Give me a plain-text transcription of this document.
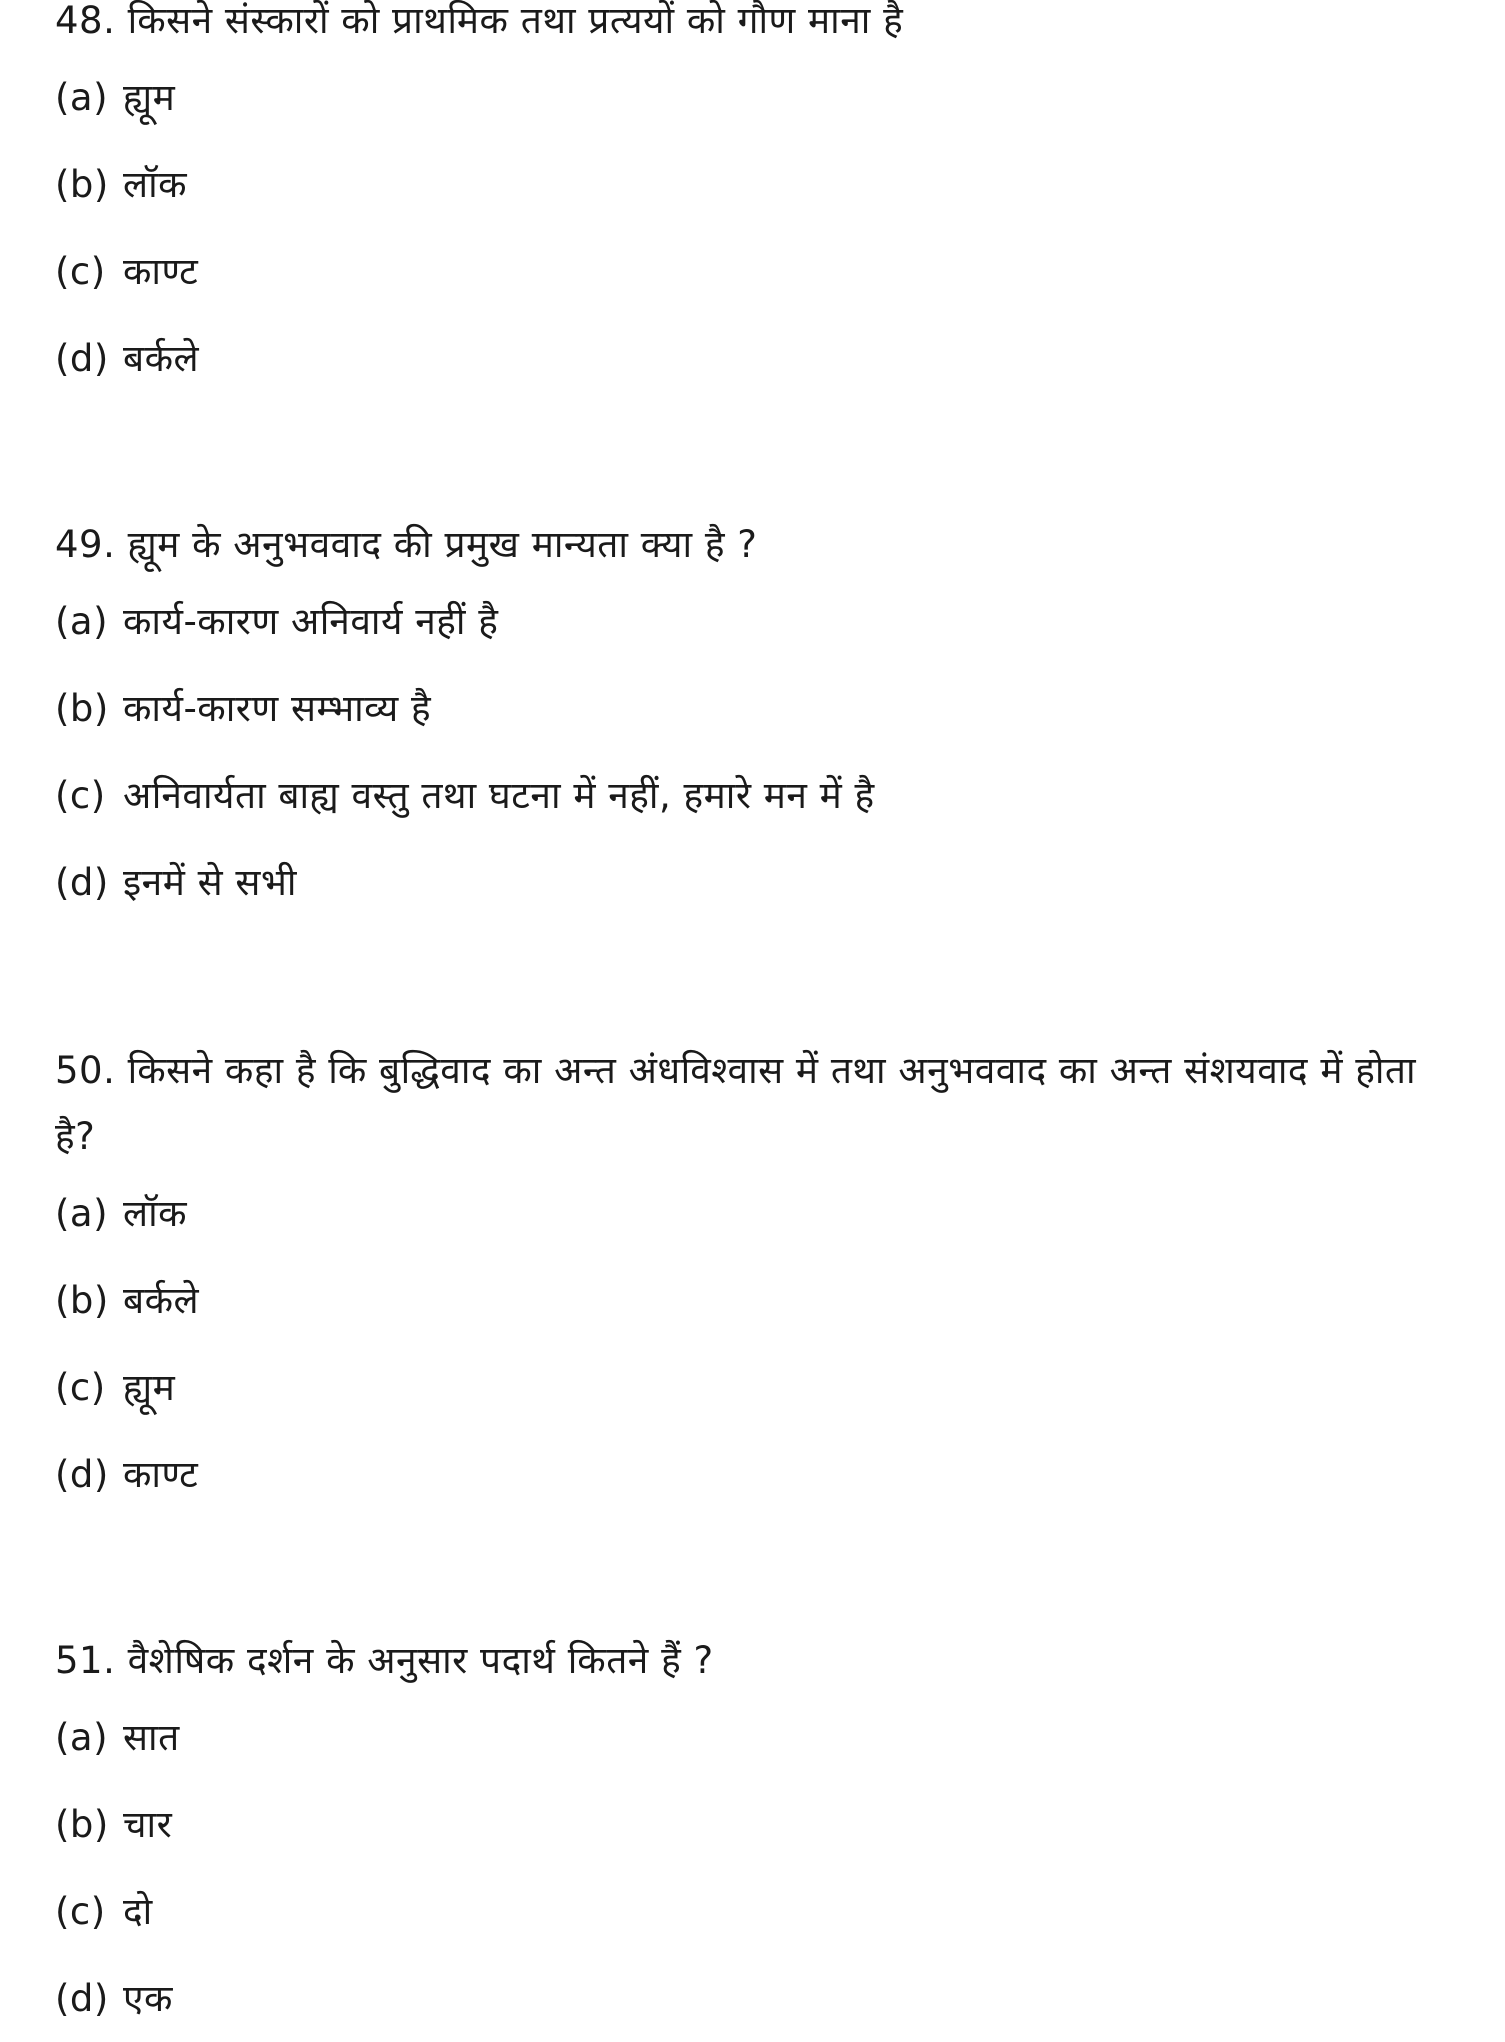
48. किसने संस्कारों को प्राथमिक तथा प्रत्ययों को गौण माना है
(a) ह्यूम
(b) लॉक
(c) काण्ट
(d) बर्कले
49. ह्यूम के अनुभववाद की प्रमुख मान्यता क्या है ?
(a) कार्य-कारण अनिवार्य नहीं है
(b) कार्य-कारण सम्भाव्य है
(c) अनिवार्यता बाह्य वस्तु तथा घटना में नहीं, हमारे मन में है
(d) इनमें से सभी
50. किसने कहा है कि बुद्धिवाद का अन्त अंधविश्वास में तथा अनुभववाद का अन्त संशयवाद में होता है?
(a) लॉक
(b) बर्कले
(c) ह्यूम
(d) काण्ट
51. वैशेषिक दर्शन के अनुसार पदार्थ कितने हैं ?
(a) सात
(b) चार
(c) दो
(d) एक
